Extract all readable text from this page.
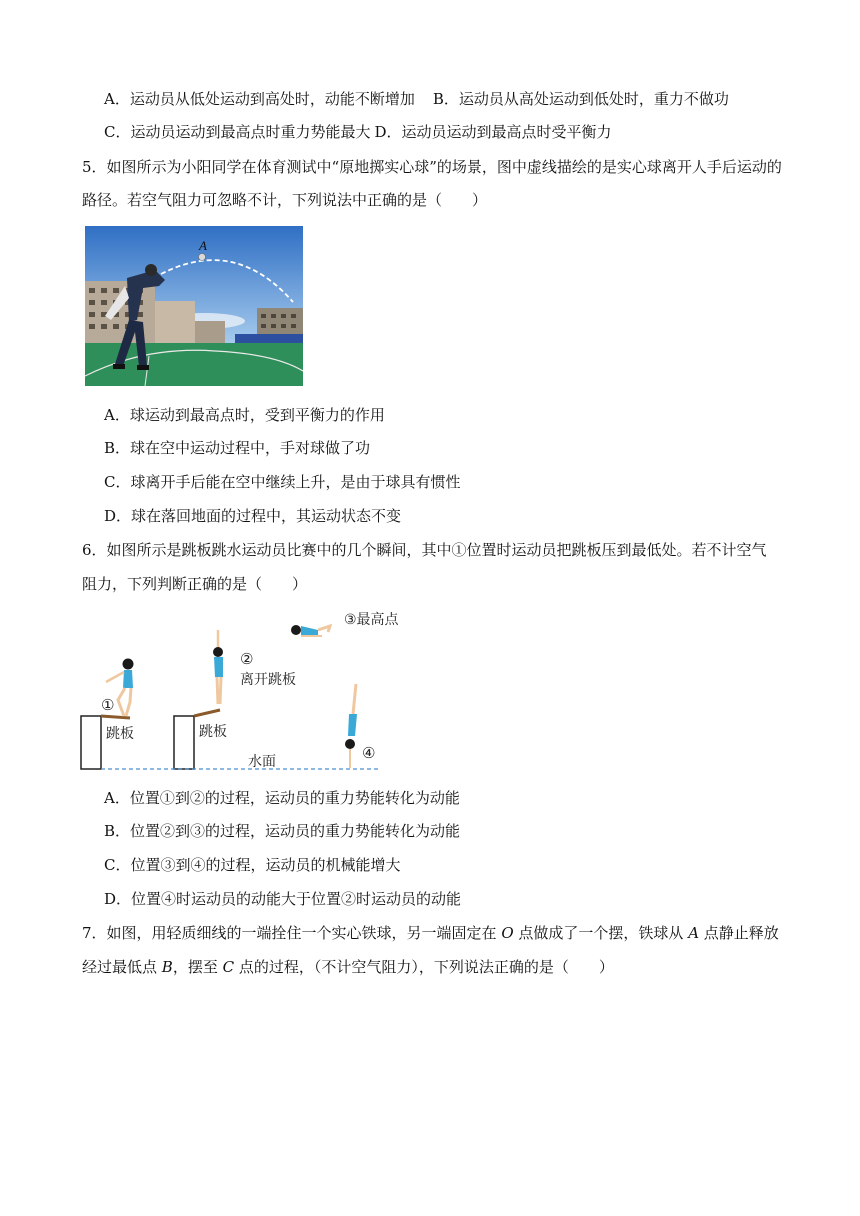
A．运动员从低处运动到高处时，动能不断增加 B．运动员从高处运动到低处时，重力不做功
C．运动员运动到最高点时重力势能最大 D．运动员运动到最高点时受平衡力
5．如图所示为小阳同学在体育测试中“原地掷实心球”的场景，图中虚线描绘的是实心球离开人手后运动的
路径。若空气阻力可忽略不计，下列说法中正确的是（　　）
A
A．球运动到最高点时，受到平衡力的作用
B．球在空中运动过程中，手对球做了功
C．球离开手后能在空中继续上升，是由于球具有惯性
D．球在落回地面的过程中，其运动状态不变
6．如图所示是跳板跳水运动员比赛中的几个瞬间，其中①位置时运动员把跳板压到最低处。若不计空气
阻力，下列判断正确的是（　　）
①
②
离开跳板
③最高点
④
跳板	跳板
水面
A．位置①到②的过程，运动员的重力势能转化为动能
B．位置②到③的过程，运动员的重力势能转化为动能
C．位置③到④的过程，运动员的机械能增大
D．位置④时运动员的动能大于位置②时运动员的动能
7．如图，用轻质细线的一端拴住一个实心铁球，另一端固定在 O 点做成了一个摆，铁球从 A 点静止释放
经过最低点 B，摆至 C 点的过程，（不计空气阻力），下列说法正确的是（　　）
